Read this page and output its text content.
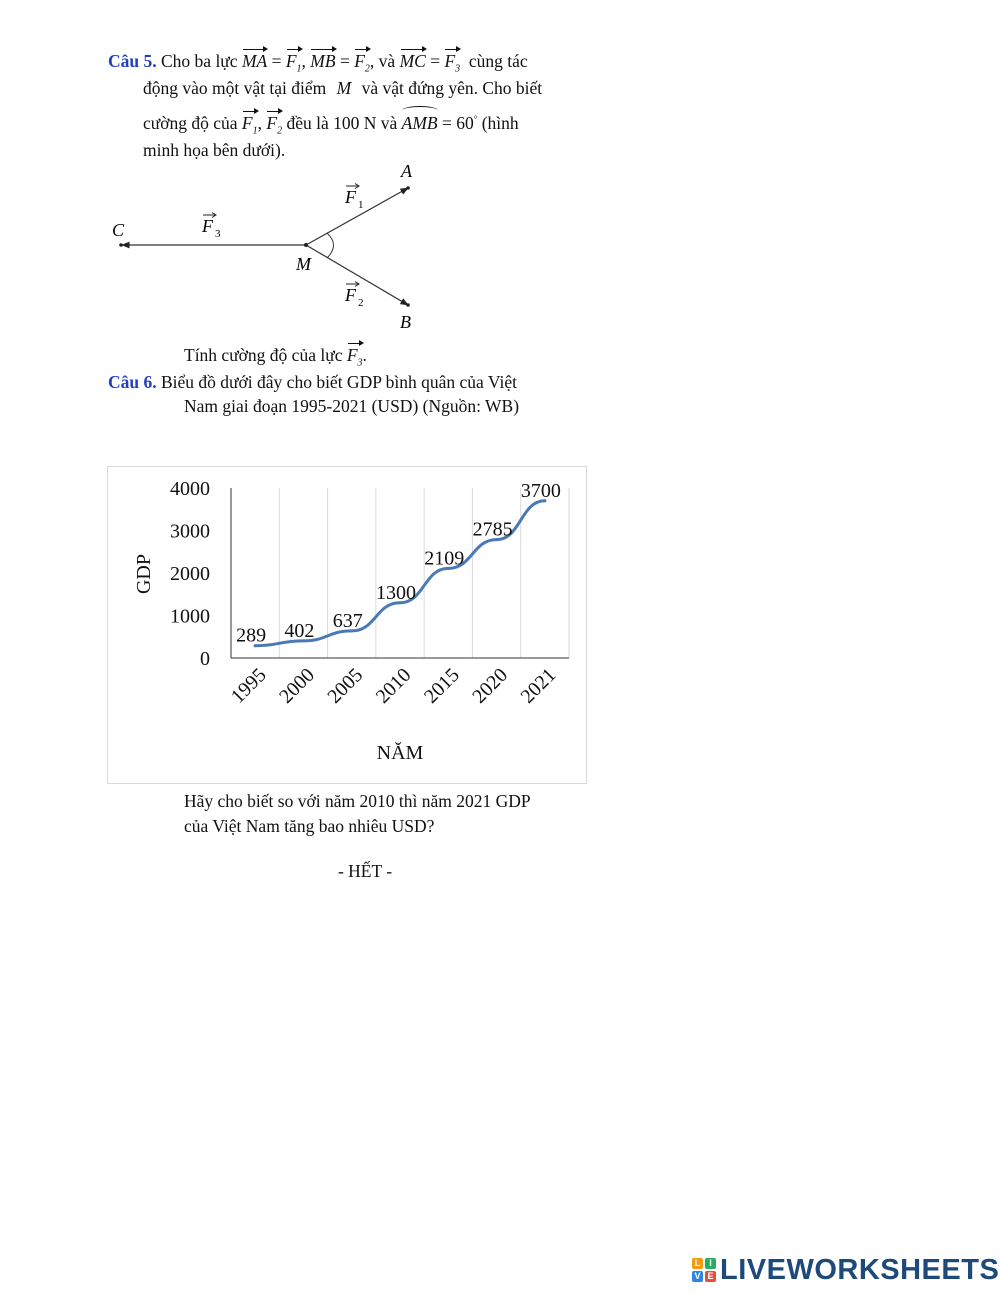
Câu 5. Cho ba lực MA = $F_1$, MB = $F_2$, và MC = $F_3$ cùng tác
động vào một vật tại điểm M và vật đứng yên. Cho biết
cường độ của $F_1$, $F_2$ đều là 100 N và AMB = 60° (hình
minh họa bên dưới).
A
B
C
M
F 1
F 2
F 3
Tính cường độ của lực $F_3$.
Câu 6. Biểu đồ dưới đây cho biết GDP bình quân của Việt
Nam giai đoạn 1995-2021 (USD) (Nguồn: WB)
0
1000
2000
3000
4000
1995 2000 2005 2010 2015 2020 2021
GDP
NĂM
289 402 637
1300
2109
2785
3700
Hãy cho biết so với năm 2010 thì năm 2021 GDP
của Việt Nam tăng bao nhiêu USD?
- HẾT -
L I
V E LIVEWORKSHEETS
